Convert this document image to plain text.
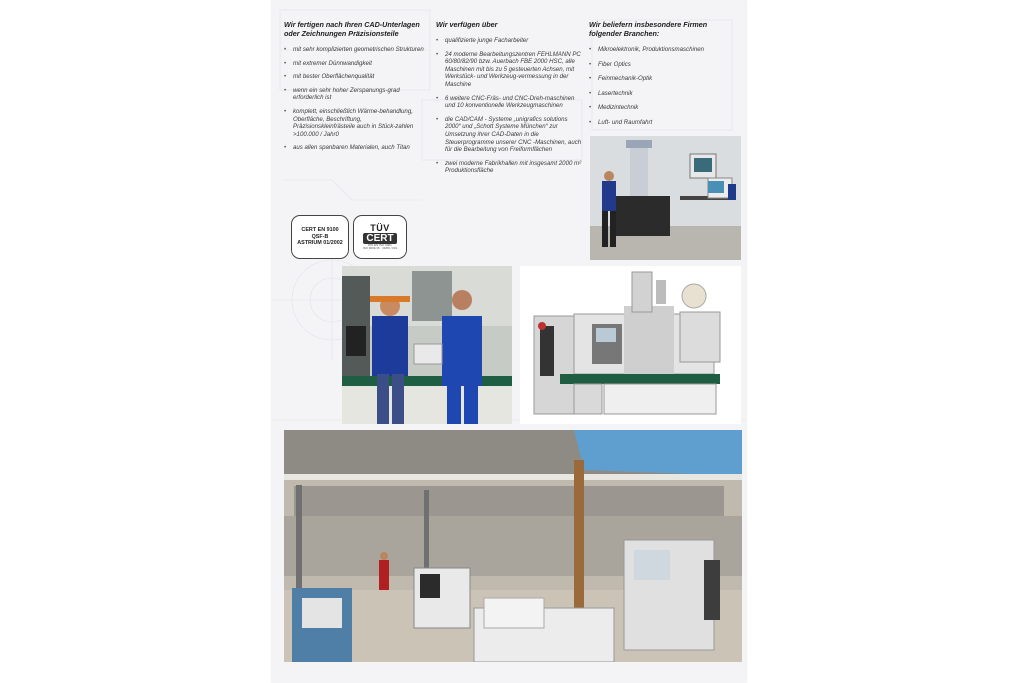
Wir fertigen nach Ihren CAD-Unterlagen oder Zeichnungen Präzisionsteile
• mit sehr komplizierten geometrischen Strukturen
• mit extremer Dünnwandigkeit
• mit bester Oberflächenqualität
• wenn ein sehr hoher Zerspanungs-grad erforderlich ist
• komplett, einschließlich Wärme-behandlung, Oberfläche, Beschriftung, Präzisionskleinfrästeile auch in Stück-zahlen >100.000 / Jahr0
• aus allen spanbaren Materialen, auch Titan
Wir verfügen über
• qualifizierte junge Facharbeiter
• 24 moderne Bearbeitungszentren FEHLMANN PC 60/80/82/90 bzw. Auerbach FBE 2000 HSC, alle Maschinen mit bis zu 5 gesteuerten Achsen, mit Werkstück- und Werkzeug-vermessung in der Maschine
• 6 weitere CNC-Fräs- und CNC-Dreh-maschinen und 10 konventionelle Werkzeugmaschinen
• die CAD/CAM - Systeme „unigrafics solutions 2000“ und „Schott Systeme München“ zur Umsetzung ihrer CAD-Daten in die Steuerprogramme unserer CNC -Maschinen, auch für die Bearbeitung von Freiformflächen
• zwei moderne Fabrikhallen mit insgesamt 2000 m² Produktionsfläche
Wir beliefern insbesondere Firmen folgender Branchen:
• Mikroelektronik, Produktionsmaschinen
• Fiber Optics
• Feinmechanik-Optik
• Lasertechnik
• Medizintechnik
• Luft- und Raumfahrt
CERT EN 9100
QSF-B
ASTRIUM 01/2002
TÜV
CERT
DIN EN ISO 9001
ISO 9001/15 · 09/09 / 001
